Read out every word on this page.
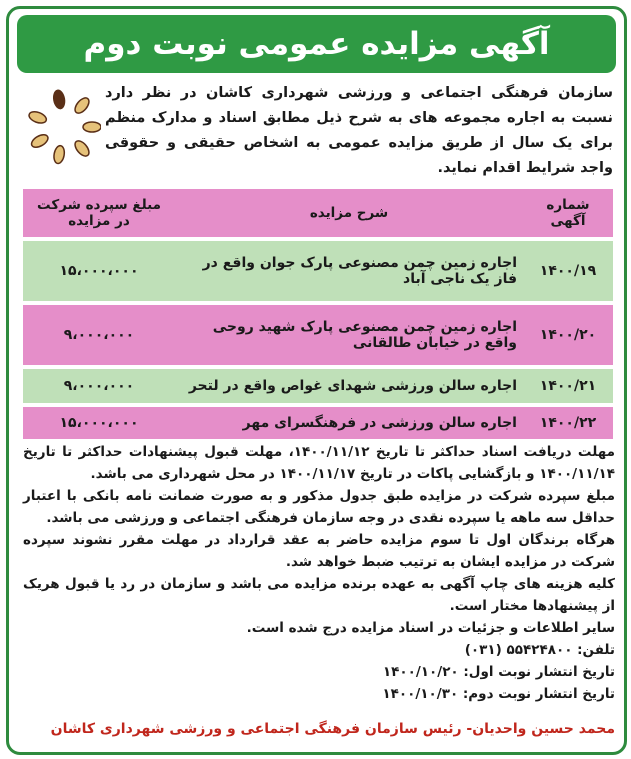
آگهی مزایده عمومی نوبت دوم
سازمان فرهنگی اجتماعی و ورزشی شهرداری کاشان در نظر دارد نسبت به اجاره مجموعه های به شرح ذیل مطابق اسناد و مدارک منظم برای یک سال از طریق مزایده عمومی به اشخاص حقیقی و حقوقی واجد شرایط اقدام نماید.
شماره آگهی	شرح مزایده	مبلغ سپرده شرکت در مزایده
۱۴۰۰/۱۹	اجاره زمین چمن مصنوعی پارک جوان واقع در فاز یک ناجی آباد	۱۵،۰۰۰،۰۰۰
۱۴۰۰/۲۰	اجاره زمین چمن مصنوعی پارک شهید روحی واقع در خیابان طالقانی	۹،۰۰۰،۰۰۰
۱۴۰۰/۲۱	اجاره سالن ورزشی شهدای غواص واقع در لتحر	۹،۰۰۰،۰۰۰
۱۴۰۰/۲۲	اجاره سالن ورزشی در فرهنگسرای مهر	۱۵،۰۰۰،۰۰۰

مهلت دریافت اسناد حداکثر تا تاریخ ۱۴۰۰/۱۱/۱۲، مهلت قبول پیشنهادات حداکثر تا تاریخ ۱۴۰۰/۱۱/۱۴ و بازگشایی پاکات در تاریخ ۱۴۰۰/۱۱/۱۷ در محل شهرداری می باشد.

مبلغ سپرده شرکت در مزایده طبق جدول مذکور و به صورت ضمانت نامه بانکی با اعتبار حداقل سه ماهه یا سپرده نقدی در وجه سازمان فرهنگی اجتماعی و ورزشی می باشد.

هرگاه برندگان اول تا سوم مزایده حاضر به عقد قرارداد در مهلت مقرر نشوند سپرده شرکت در مزایده ایشان به ترتیب ضبط خواهد شد.

کلیه هزینه های چاپ آگهی به عهده برنده مزایده می باشد و سازمان در رد یا قبول هریک از پیشنهادها مختار است.

سایر اطلاعات و جزئیات در اسناد مزایده درج شده است.

تلفن: ۵۵۴۲۴۸۰۰ (۰۳۱)

تاریخ انتشار نوبت اول: ۱۴۰۰/۱۰/۲۰

تاریخ انتشار نوبت دوم: ۱۴۰۰/۱۰/۳۰

محمد حسین واحدیان- رئیس سازمان فرهنگی اجتماعی و ورزشی شهرداری کاشان
